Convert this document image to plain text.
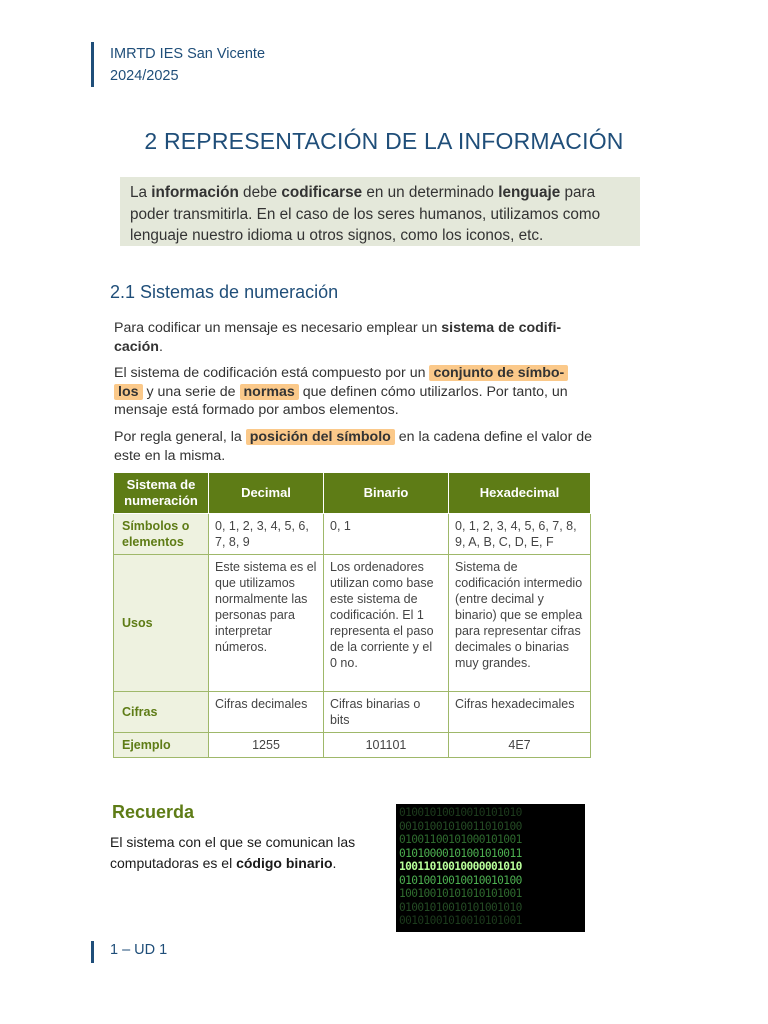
IMRTD IES San Vicente
2024/2025
2 REPRESENTACIÓN DE LA INFORMACIÓN
La información debe codificarse en un determinado lenguaje para poder transmitirla. En el caso de los seres humanos, utilizamos como lenguaje nuestro idioma u otros signos, como los iconos, etc.
2.1 Sistemas de numeración
Para codificar un mensaje es necesario emplear un sistema de codifi-
cación.
El sistema de codificación está compuesto por un conjunto de símbo-
los y una serie de normas que definen cómo utilizarlos. Por tanto, un mensaje está formado por ambos elementos.
Por regla general, la posición del símbolo en la cadena define el valor de este en la misma.
Sistema de numeración	Decimal	Binario	Hexadecimal
Símbolos o elementos	0, 1, 2, 3, 4, 5, 6, 7, 8, 9	0, 1	0, 1, 2, 3, 4, 5, 6, 7, 8, 9, A, B, C, D, E, F
Usos	Este sistema es el que utilizamos normalmente las personas para interpretar números.	Los ordenadores utilizan como base este sistema de codificación. El 1 representa el paso de la corriente y el 0 no.	Sistema de codificación intermedio (entre decimal y binario) que se emplea para representar cifras decimales o binarias muy grandes.
Cifras	Cifras decimales	Cifras binarias o bits	Cifras hexadecimales
Ejemplo	1255	101101	4E7
Recuerda
El sistema con el que se comunican las computadoras es el código binario.
01001010010010101010
00101001010011010100
01001100101000101001
01010000101001010011
10011010010000001010
01010010010010010100
10010010101010101001
01001010010101001010
00101001010010101001
1 – UD 1
